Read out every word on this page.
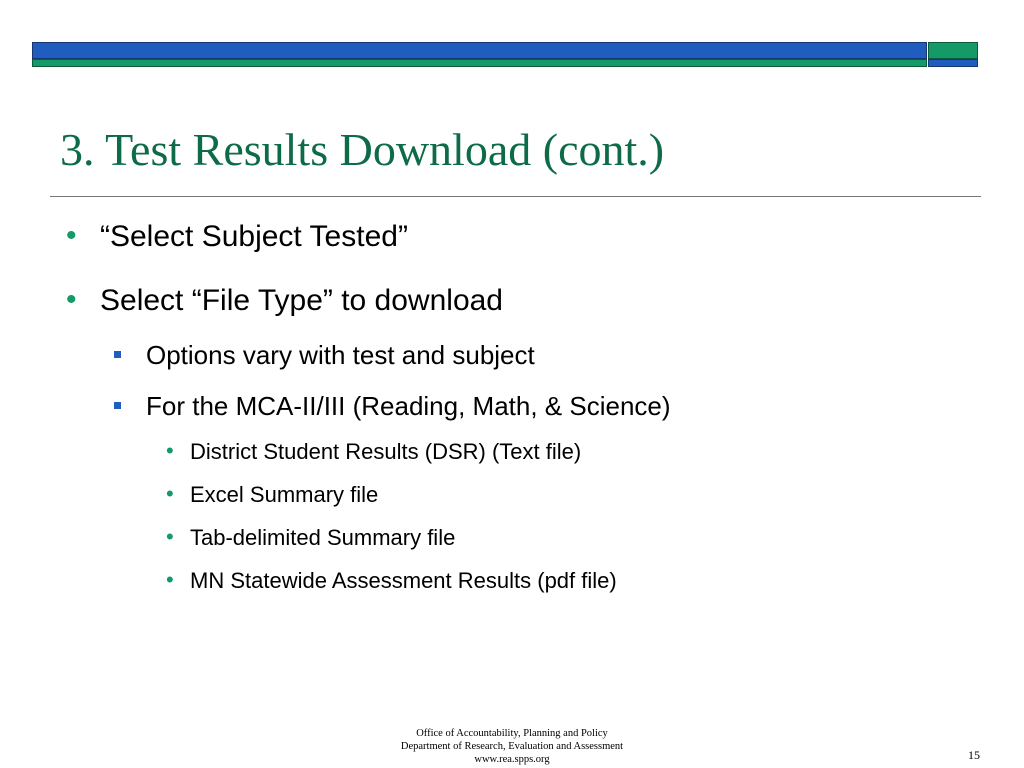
3. Test Results Download (cont.)
• “Select Subject Tested”
• Select “File Type” to download
Options vary with test and subject
For the MCA-II/III (Reading, Math, & Science)
• District Student Results (DSR) (Text file)
• Excel Summary file
• Tab-delimited Summary file
• MN Statewide Assessment Results (pdf file)
Office of Accountability, Planning and Policy
Department of Research, Evaluation and Assessment
www.rea.spps.org	15
